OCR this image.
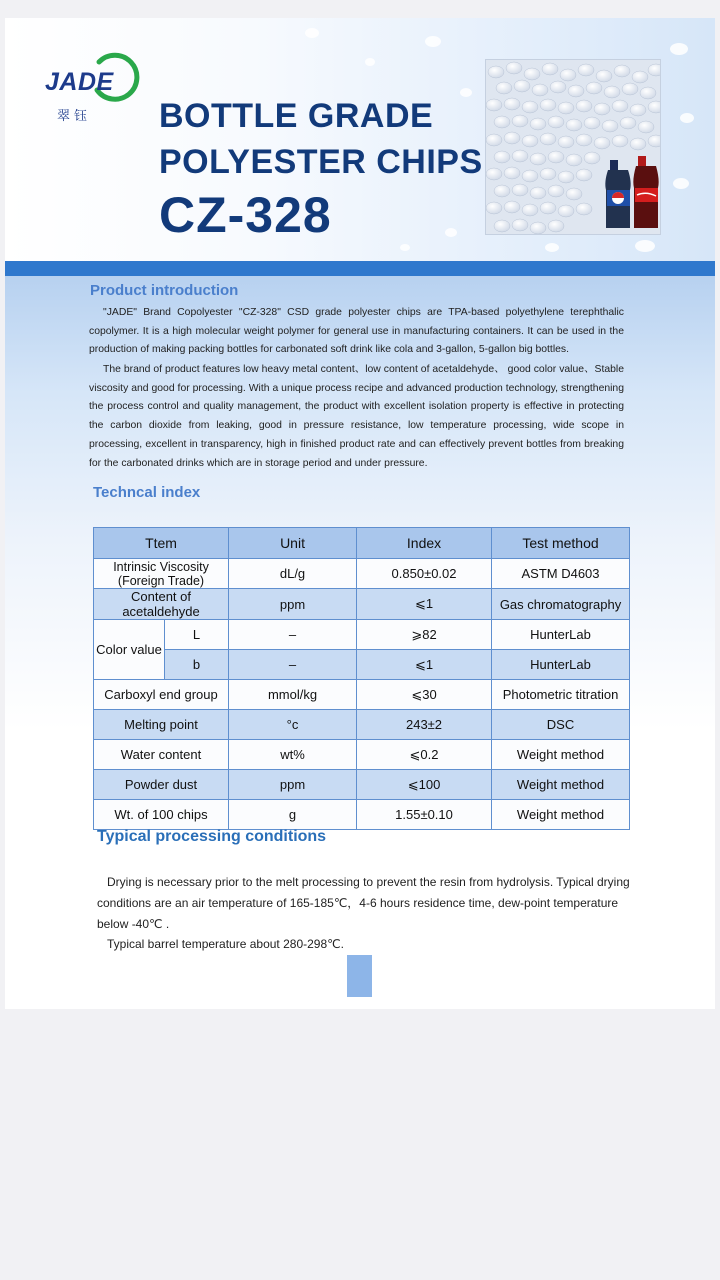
JADE
翠钰 BOTTLE GRADE
POLYESTER CHIPS
CZ-328
Product introduction

"JADE" Brand Copolyester "CZ-328" CSD grade polyester chips are TPA-based polyethylene terephthalic copolymer. It is a high molecular weight polymer for general use in manufacturing containers. It can be used in the production of making packing bottles for carbonated soft drink like cola and 3-gallon, 5-gallon big bottles.

The brand of product features low heavy metal content、low content of acetaldehyde、 good color value、Stable viscosity and good for processing. With a unique process recipe and advanced production technology, strengthening the process control and quality management, the product with excellent isolation property is effective in protecting the carbon dioxide from leaking, good in pressure resistance, low temperature processing, wide scope in processing, excellent in transparency, high in finished product rate and can effectively prevent bottles from breaking for the carbonated drinks which are in storage period and under pressure.

Techncal index
Ttem		Unit	Index	Test method
Intrinsic Viscosity (Foreign Trade)		dL/g	0.850±0.02	ASTM D4603
Content of acetaldehyde		ppm	⩽1	Gas chromatography
Color value	L	–	⩾82	HunterLab
	b	–	⩽1	HunterLab
Carboxyl end group		mmol/kg	⩽30	Photometric titration
Melting point		°c	243±2	DSC
Water content		wt%	⩽0.2	Weight method
Powder dust		ppm	⩽100	Weight method
Wt. of 100 chips		g	1.55±0.10	Weight method
Typical processing conditions

Drying is necessary prior to the melt processing to prevent the resin from hydrolysis. Typical drying conditions are an air temperature of 165-185℃，4-6 hours residence time, dew-point temperature below -40℃ .

Typical barrel temperature about 280-298℃.
